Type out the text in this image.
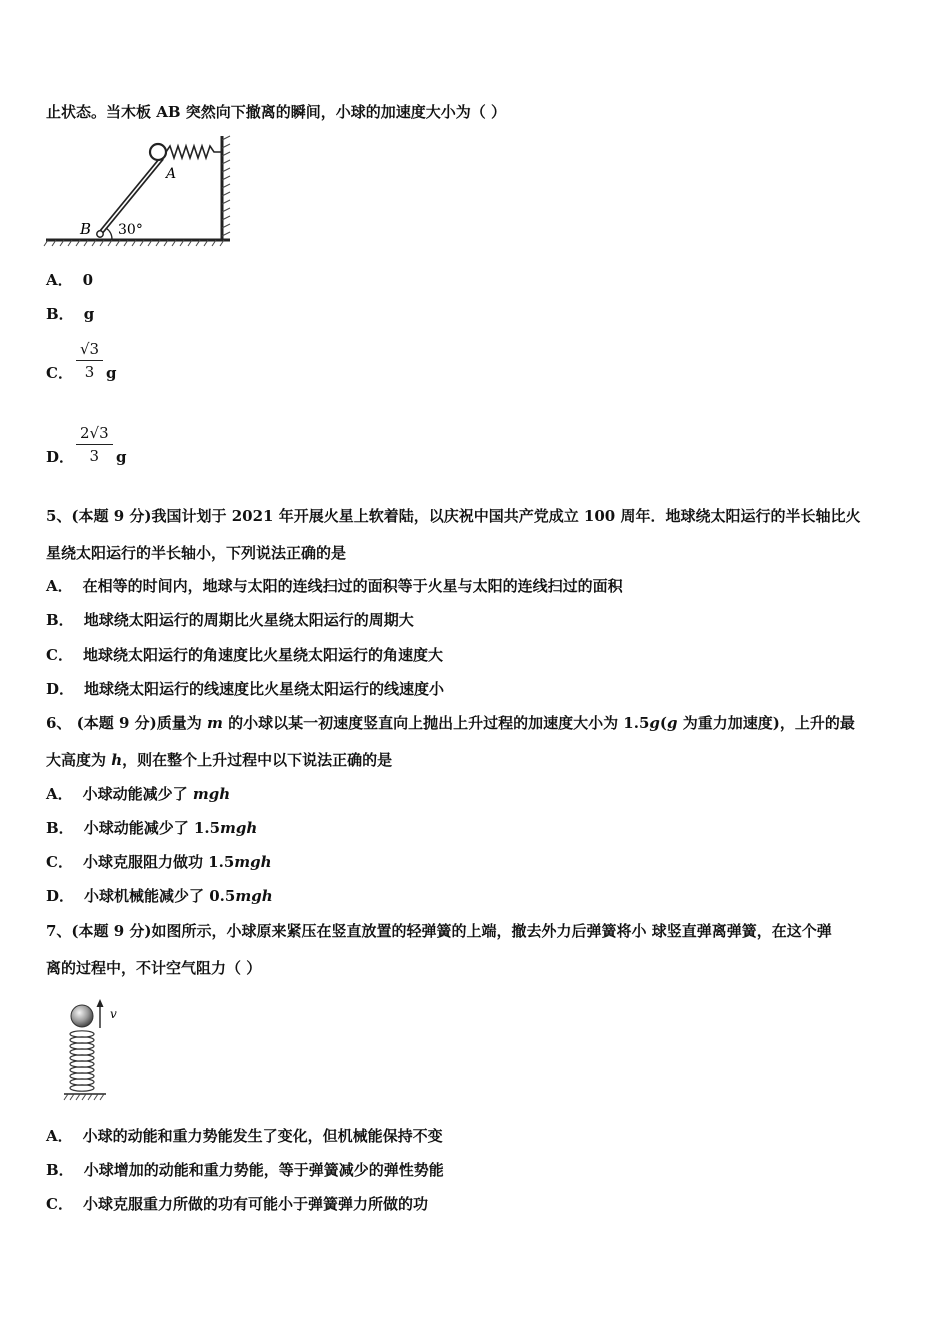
止状态。当木板 AB 突然向下撤离的瞬间，小球的加速度大小为（ ）
A
B 30°
A． 0
B． g
C． $\frac{√3}{3}$ g
D． $\frac{2√3}{3}$ g
5、(本题 9 分)我国计划于 2021 年开展火星上软着陆，以庆祝中国共产党成立 100 周年．地球绕太阳运行的半长轴比火
星绕太阳运行的半长轴小，下列说法正确的是
A． 在相等的时间内，地球与太阳的连线扫过的面积等于火星与太阳的连线扫过的面积
B． 地球绕太阳运行的周期比火星绕太阳运行的周期大
C． 地球绕太阳运行的角速度比火星绕太阳运行的角速度大
D． 地球绕太阳运行的线速度比火星绕太阳运行的线速度小
6、 (本题 9 分)质量为 m 的小球以某一初速度竖直向上抛出上升过程的加速度大小为 1.5g(g 为重力加速度)，上升的最
大高度为 h，则在整个上升过程中以下说法正确的是
A． 小球动能减少了 mgh
B． 小球动能减少了 1.5mgh
C． 小球克服阻力做功 1.5mgh
D． 小球机械能减少了 0.5mgh
7、(本题 9 分)如图所示，小球原来紧压在竖直放置的轻弹簧的上端，撤去外力后弹簧将小 球竖直弹离弹簧，在这个弹
离的过程中，不计空气阻力（ ）
v
A． 小球的动能和重力势能发生了变化，但机械能保持不变
B． 小球增加的动能和重力势能，等于弹簧减少的弹性势能
C． 小球克服重力所做的功有可能小于弹簧弹力所做的功
